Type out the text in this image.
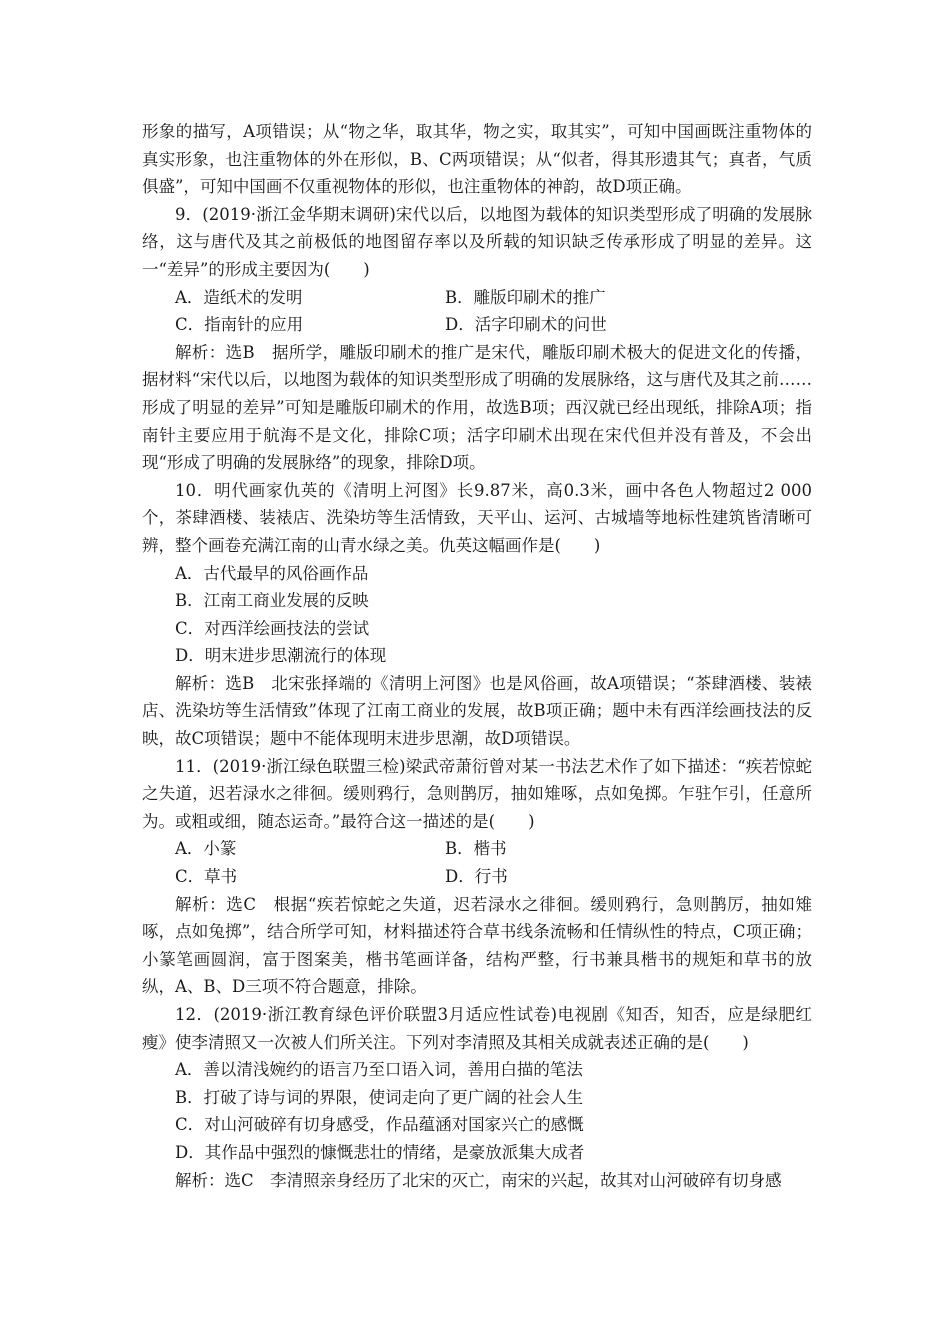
形象的描写，A项错误；从“物之华，取其华，物之实，取其实”，可知中国画既注重物体的真实形象，也注重物体的外在形似，B、C两项错误；从“似者，得其形遗其气；真者，气质俱盛”，可知中国画不仅重视物体的形似，也注重物体的神韵，故D项正确。

9．(2019·浙江金华期末调研)宋代以后，以地图为载体的知识类型形成了明确的发展脉络，这与唐代及其之前极低的地图留存率以及所载的知识缺乏传承形成了明显的差异。这一“差异”的形成主要因为(　　)

A．造纸术的发明	B．雕版印刷术的推广

C．指南针的应用	D．活字印刷术的问世

解析：选B　据所学，雕版印刷术的推广是宋代，雕版印刷术极大的促进文化的传播，据材料“宋代以后，以地图为载体的知识类型形成了明确的发展脉络，这与唐代及其之前……形成了明显的差异”可知是雕版印刷术的作用，故选B项；西汉就已经出现纸，排除A项；指南针主要应用于航海不是文化，排除C项；活字印刷术出现在宋代但并没有普及，不会出现“形成了明确的发展脉络”的现象，排除D项。

10．明代画家仇英的《清明上河图》长9.87米，高0.3米，画中各色人物超过2 000个，茶肆酒楼、装裱店、洗染坊等生活情致，天平山、运河、古城墙等地标性建筑皆清晰可辨，整个画卷充满江南的山青水绿之美。仇英这幅画作是(　　)

A．古代最早的风俗画作品

B．江南工商业发展的反映

C．对西洋绘画技法的尝试

D．明末进步思潮流行的体现

解析：选B　北宋张择端的《清明上河图》也是风俗画，故A项错误；“茶肆酒楼、装裱店、洗染坊等生活情致”体现了江南工商业的发展，故B项正确；题中未有西洋绘画技法的反映，故C项错误；题中不能体现明末进步思潮，故D项错误。

11．(2019·浙江绿色联盟三检)梁武帝萧衍曾对某一书法艺术作了如下描述：“疾若惊蛇之失道，迟若渌水之徘徊。缓则鸦行，急则鹊厉，抽如雉啄，点如兔掷。乍驻乍引，任意所为。或粗或细，随态运奇。”最符合这一描述的是(　　)

A．小篆	B．楷书

C．草书	D．行书

解析：选C　根据“疾若惊蛇之失道，迟若渌水之徘徊。缓则鸦行，急则鹊厉，抽如雉啄，点如兔掷”，结合所学可知，材料描述符合草书线条流畅和任情纵性的特点，C项正确；小篆笔画圆润，富于图案美，楷书笔画详备，结构严整，行书兼具楷书的规矩和草书的放纵，A、B、D三项不符合题意，排除。

12．(2019·浙江教育绿色评价联盟3月适应性试卷)电视剧《知否，知否，应是绿肥红瘦》使李清照又一次被人们所关注。下列对李清照及其相关成就表述正确的是(　　)

A．善以清浅婉约的语言乃至口语入词，善用白描的笔法

B．打破了诗与词的界限，使词走向了更广阔的社会人生

C．对山河破碎有切身感受，作品蕴涵对国家兴亡的感慨

D．其作品中强烈的慷慨悲壮的情绪，是豪放派集大成者

解析：选C　李清照亲身经历了北宋的灭亡，南宋的兴起，故其对山河破碎有切身感
